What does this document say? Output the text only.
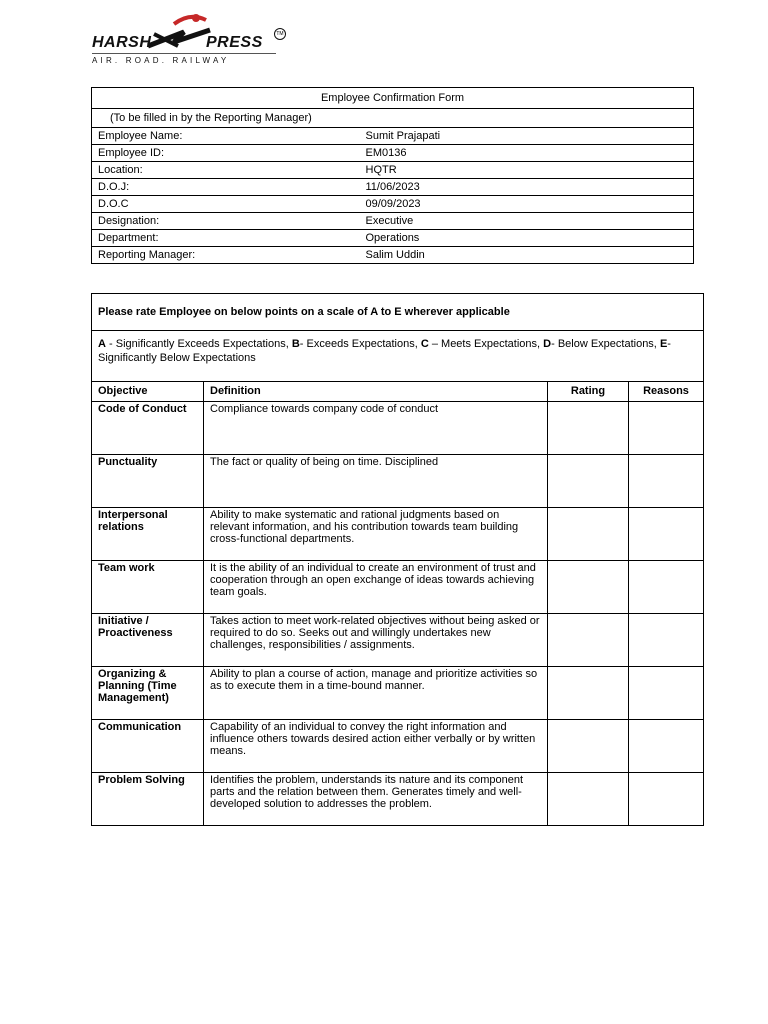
HARSH	PRESS	TM
AIR. ROAD. RAILWAY
Employee Confirmation Form	
(To be filled in by the Reporting Manager)	
Employee Name:	Sumit Prajapati
Employee ID:	EM0136
Location:	HQTR
D.O.J:	11/06/2023
D.O.C	09/09/2023
Designation:	Executive
Department:	Operations
Reporting Manager:	Salim Uddin
Please rate Employee on below points on a scale of A to E wherever applicable			
A - Significantly Exceeds Expectations, B- Exceeds Expectations, C – Meets Expectations, D- Below Expectations, E- Significantly Below Expectations			
Objective	Definition	Rating	Reasons
Code of Conduct	Compliance towards company code of conduct		
Punctuality	The fact or quality of being on time. Disciplined		
Interpersonal relations	Ability to make systematic and rational judgments based on relevant information, and his contribution towards team building cross-functional departments.		
Team work	It is the ability of an individual to create an environment of trust and cooperation through an open exchange of ideas towards achieving team goals.		
Initiative / Proactiveness	Takes action to meet work-related objectives without being asked or required to do so. Seeks out and willingly undertakes new challenges, responsibilities / assignments.		
Organizing & Planning (Time Management)	Ability to plan a course of action, manage and prioritize activities so as to execute them in a time-bound manner.		
Communication	Capability of an individual to convey the right information and influence others towards desired action either verbally or by written means.		
Problem Solving	Identifies the problem, understands its nature and its component parts and the relation between them. Generates timely and well-developed solution to addresses the problem.		
